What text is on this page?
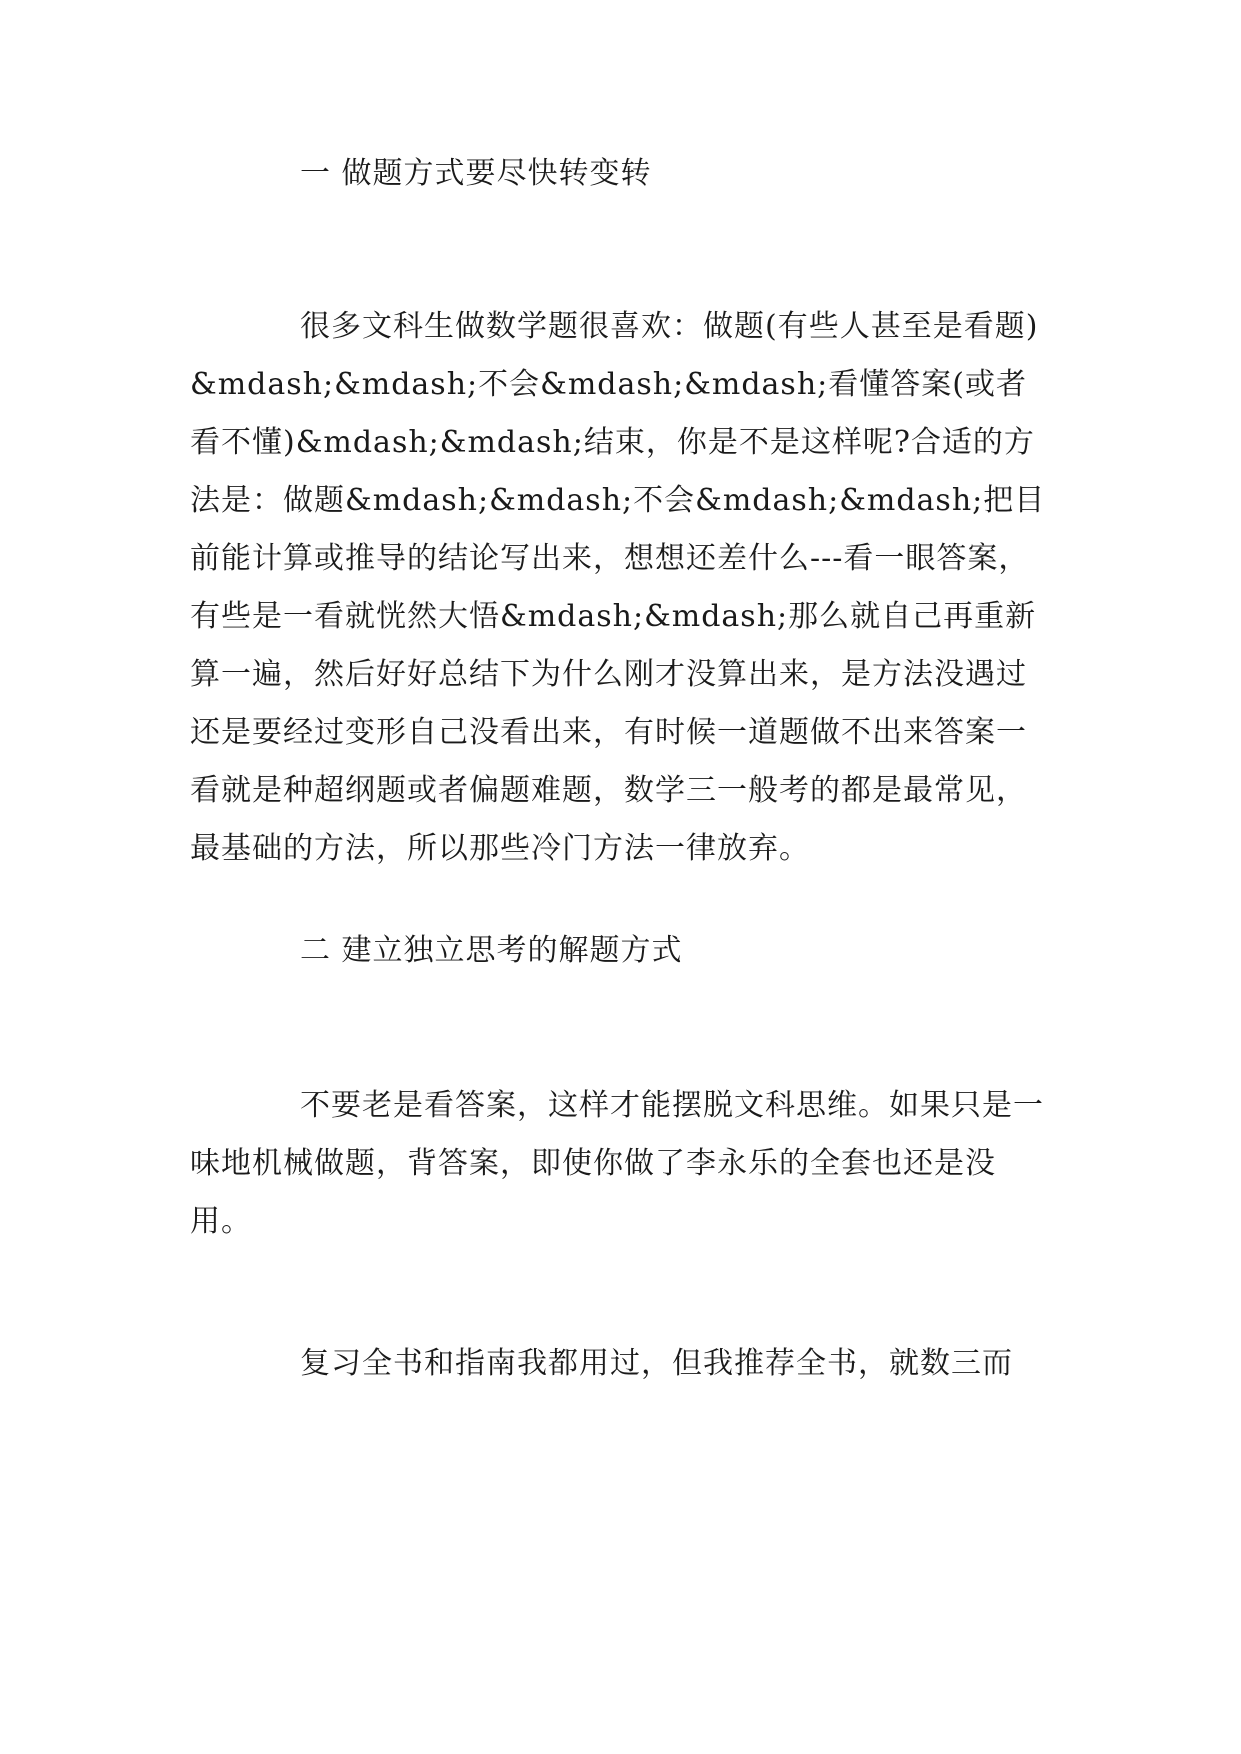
一 做题方式要尽快转变转
很多文科生做数学题很喜欢：做题(有些人甚至是看题)&mdash;&mdash;不会&mdash;&mdash;看懂答案(或者看不懂)&mdash;&mdash;结束，你是不是这样呢?合适的方法是：做题&mdash;&mdash;不会&mdash;&mdash;把目前能计算或推导的结论写出来，想想还差什么---看一眼答案，有些是一看就恍然大悟&mdash;&mdash;那么就自己再重新算一遍，然后好好总结下为什么刚才没算出来，是方法没遇过还是要经过变形自己没看出来，有时候一道题做不出来答案一看就是种超纲题或者偏题难题，数学三一般考的都是最常见，最基础的方法，所以那些冷门方法一律放弃。
二 建立独立思考的解题方式
不要老是看答案，这样才能摆脱文科思维。如果只是一味地机械做题，背答案，即使你做了李永乐的全套也还是没用。
复习全书和指南我都用过，但我推荐全书，就数三而
